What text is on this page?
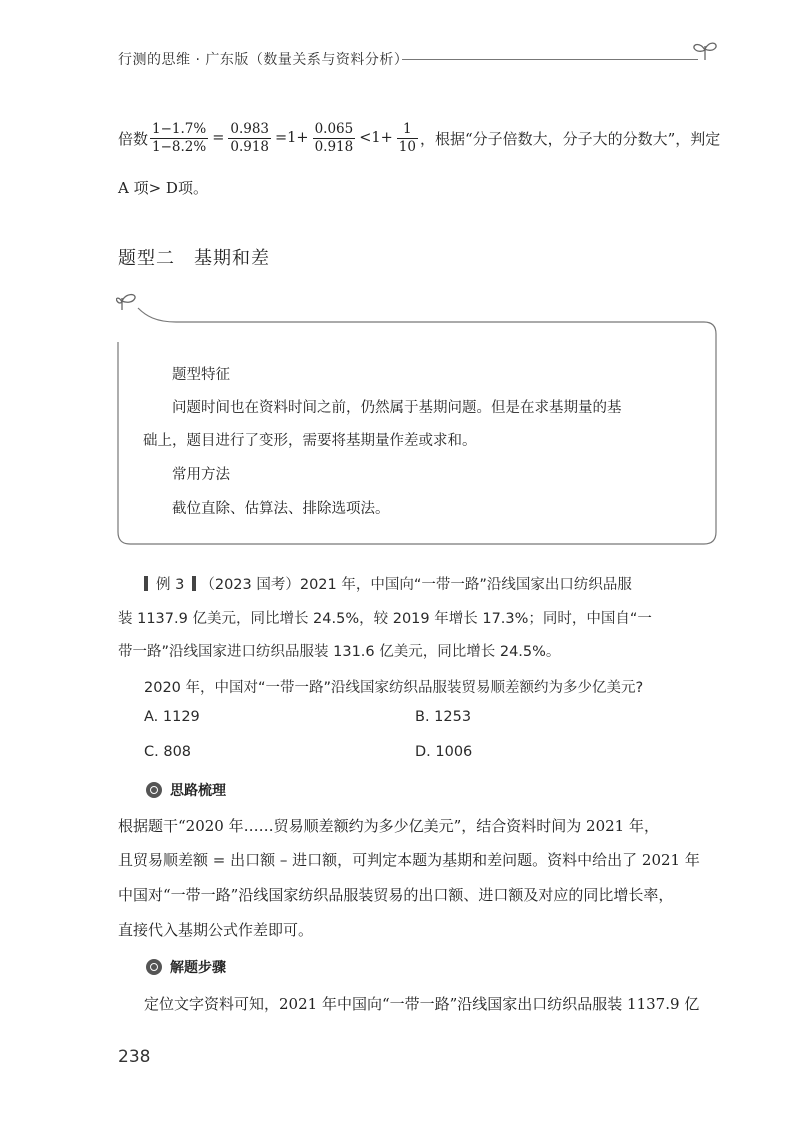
行测的思维 · 广东版（数量关系与资料分析）
倍数 $\frac{1-1.7\%}{1-8.2\%} = \frac{0.983}{0.918} =1+ \frac{0.065}{0.918} <1+ \frac{1}{10}$ ，根据“分子倍数大，分子大的分数大”，判定
A 项> D项。
题型二　基期和差
题型特征
问题时间也在资料时间之前，仍然属于基期问题。但是在求基期量的基
础上，题目进行了变形，需要将基期量作差或求和。
常用方法
截位直除、估算法、排除选项法。
例 3 （2023 国考）2021 年，中国向“一带一路”沿线国家出口纺织品服
装 1137.9 亿美元，同比增长 24.5%，较 2019 年增长 17.3%；同时，中国自“一
带一路”沿线国家进口纺织品服装 131.6 亿美元，同比增长 24.5%。
2020 年，中国对“一带一路”沿线国家纺织品服装贸易顺差额约为多少亿美元?
A. 1129	B. 1253
C. 808	D. 1006
思路梳理
根据题干“2020 年……贸易顺差额约为多少亿美元”，结合资料时间为 2021 年，
且贸易顺差额 = 出口额 – 进口额，可判定本题为基期和差问题。资料中给出了 2021 年
中国对“一带一路”沿线国家纺织品服装贸易的出口额、进口额及对应的同比增长率，
直接代入基期公式作差即可。
解题步骤
定位文字资料可知，2021 年中国向“一带一路”沿线国家出口纺织品服装 1137.9 亿
238
